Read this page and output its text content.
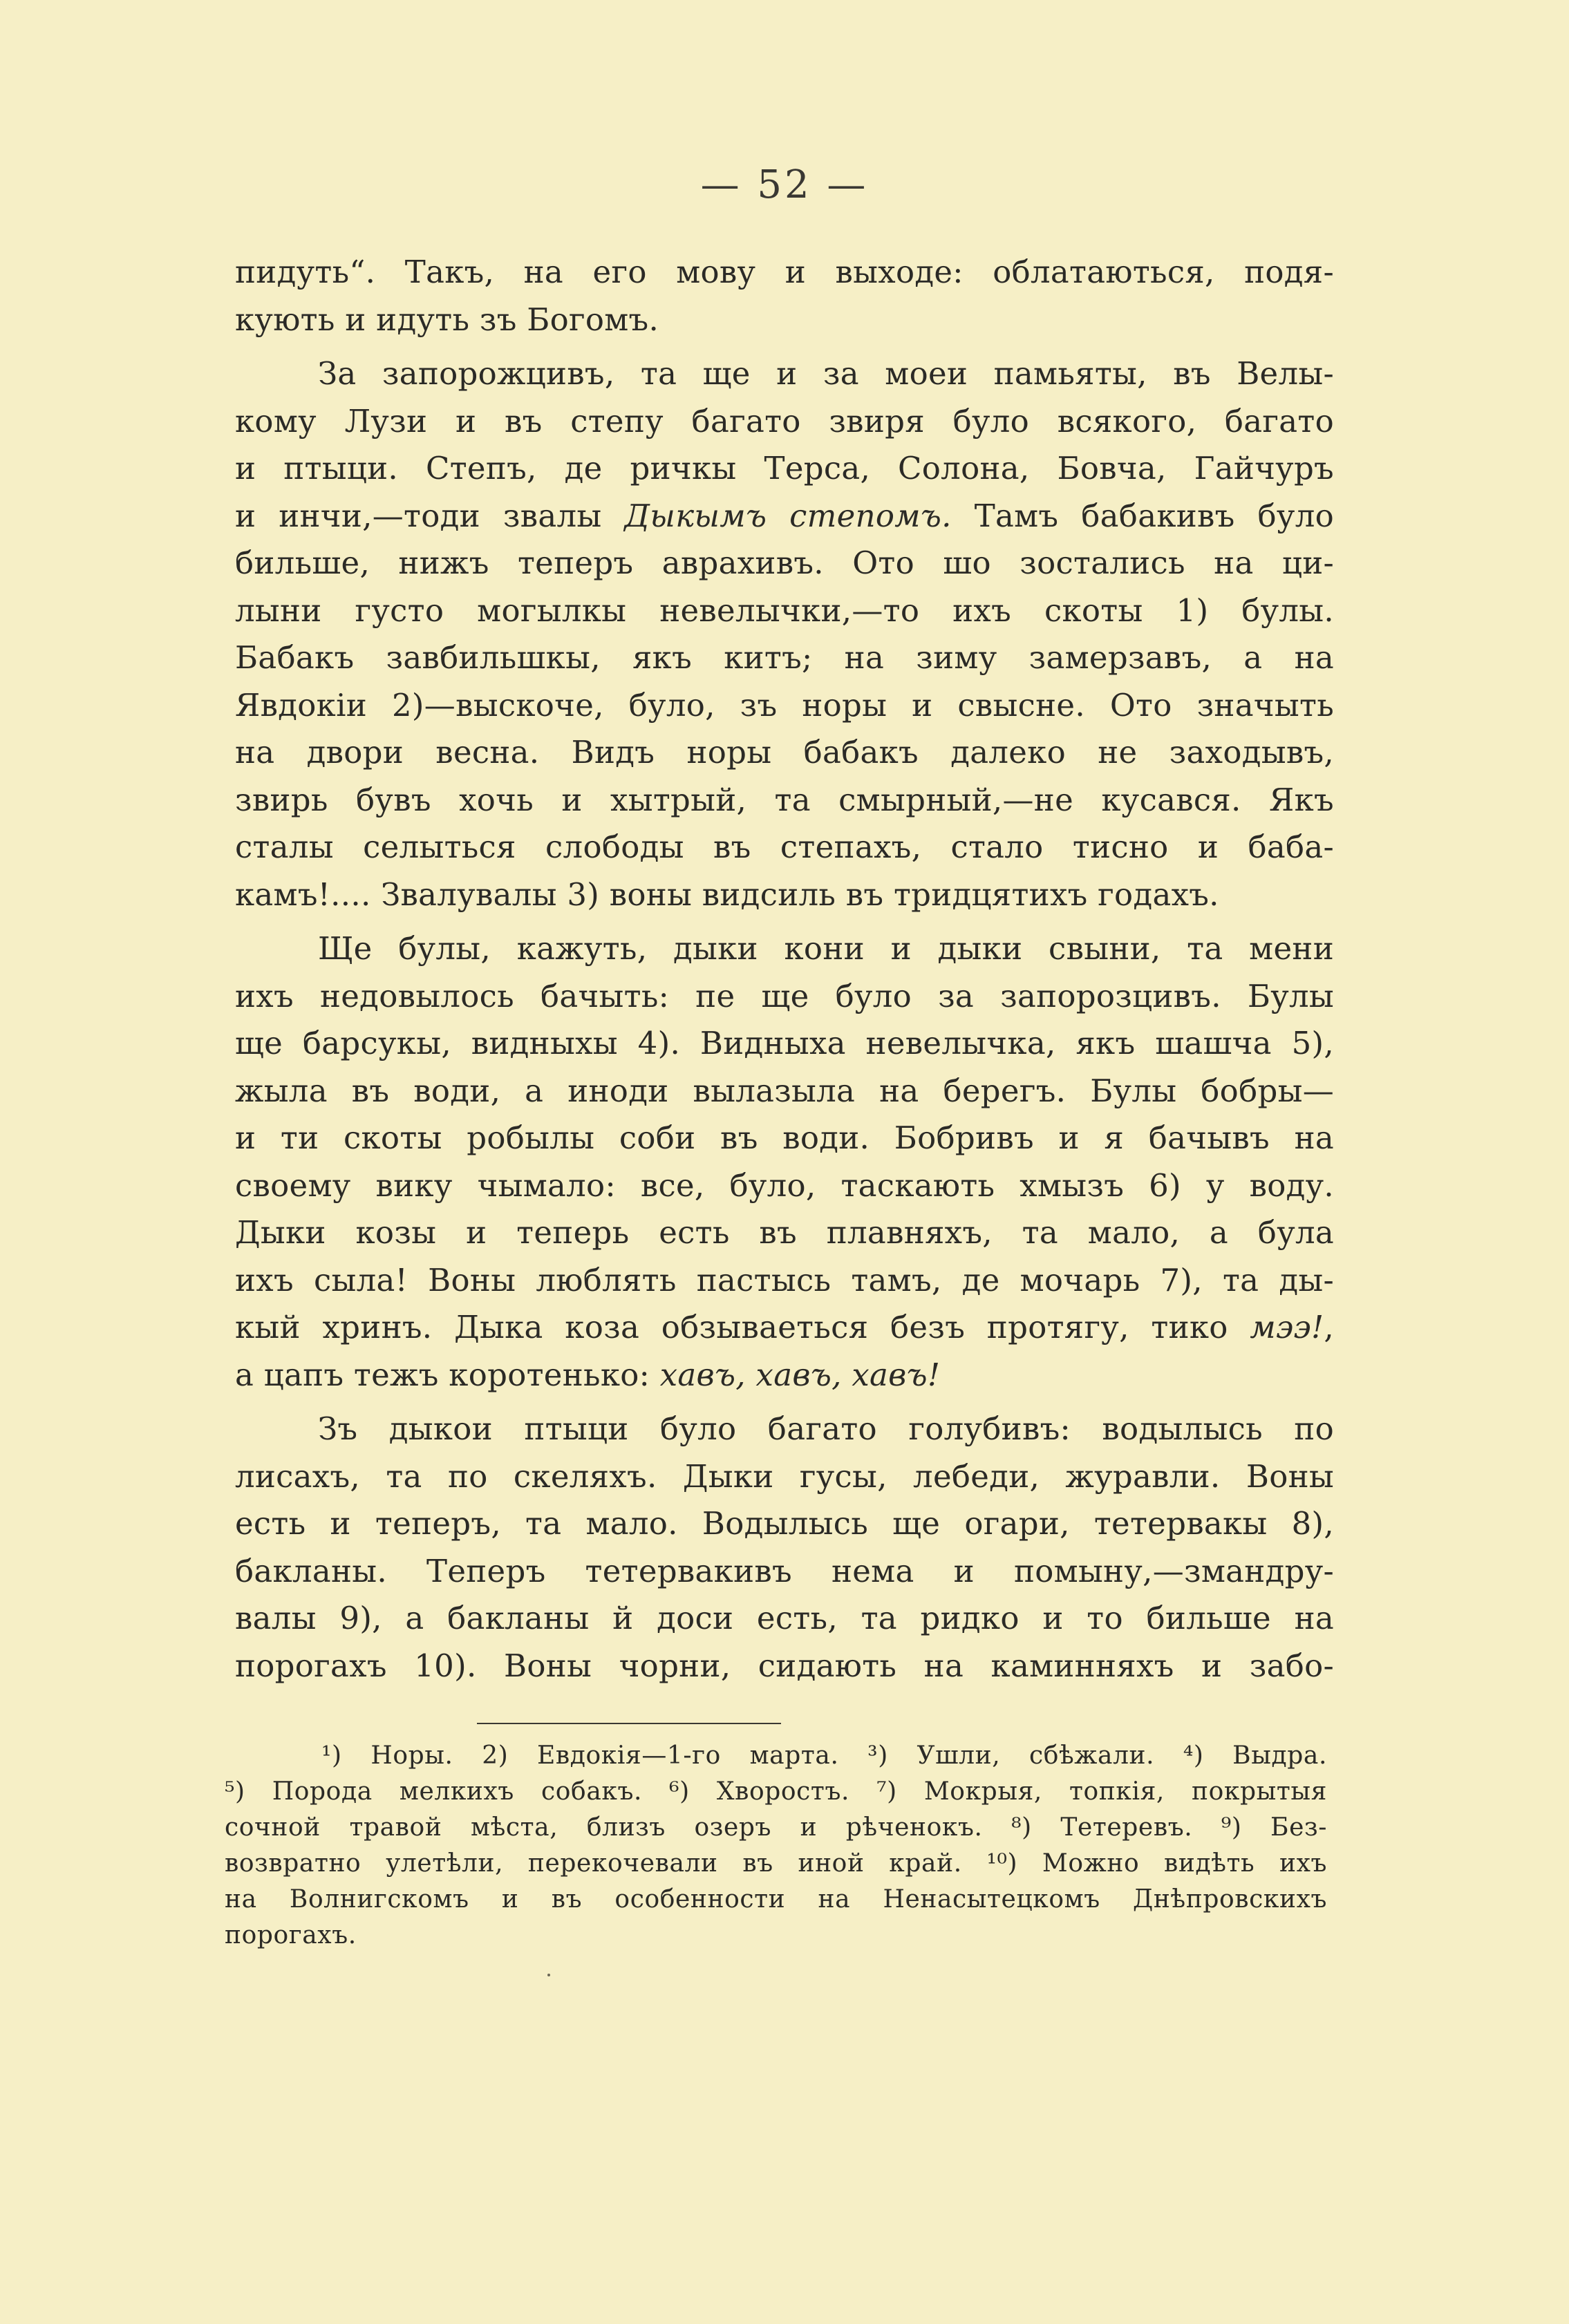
— 52 —
пидуть“. Такъ, на его мову и выходе: облатаються, подя-
кують и идуть зъ Богомъ.
За запорожцивъ, та ще и за моеи памьяты, въ Велы-
кому Лузи и въ степу багато звиря було всякого, багато
и птыци. Степъ, де ричкы Терса, Солона, Бовча, Гайчуръ
и инчи,—тоди звалы Дыкымъ степомъ. Тамъ бабакивъ було
бильше, нижъ теперъ аврахивъ. Ото шо зостались на ци-
лыни густо могылкы невелычки,—то ихъ скоты 1) булы.
Бабакъ завбильшкы, якъ китъ; на зиму замерзавъ, а на
Явдокіи 2)—выскоче, було, зъ норы и свысне. Ото значыть
на двори весна. Видъ норы бабакъ далеко не заходывъ,
звирь бувъ хочь и хытрый, та смырный,—не кусався. Якъ
сталы селыться слободы въ степахъ, стало тисно и баба-
камъ!.... Звалувалы 3) воны видсиль въ тридцятихъ годахъ.
Ще булы, кажуть, дыки кони и дыки свыни, та мени
ихъ недовылось бачыть: пе ще було за запорозцивъ. Булы
ще барсукы, видныхы 4). Видныха невелычка, якъ шашча 5),
жыла въ води, а иноди вылазыла на берегъ. Булы бобры—
и ти скоты робылы соби въ води. Бобривъ и я бачывъ на
своему вику чымало: все, було, таскають хмызъ 6) у воду.
Дыки козы и теперь есть въ плавняхъ, та мало, а була
ихъ сыла! Воны люблять пастысь тамъ, де мочарь 7), та ды-
кый хринъ. Дыка коза обзываеться безъ протягу, тико мээ!,
а цапъ тежъ коротенько: хавъ, хавъ, хавъ!
Зъ дыкои птыци було багато голубивъ: водылысь по
лисахъ, та по скеляхъ. Дыки гусы, лебеди, журавли. Воны
есть и теперъ, та мало. Водылысь ще огари, тетервакы 8),
бакланы. Теперъ тетервакивъ нема и помыну,—змандру-
валы 9), а бакланы й доси есть, та ридко и то бильше на
порогахъ 10). Воны чорни, сидають на каминняхъ и забо-
¹) Норы. 2) Евдокія—1-го марта. ³) Ушли, сбѣжали. ⁴) Выдра.
⁵) Порода мелкихъ собакъ. ⁶) Хворостъ. ⁷) Мокрыя, топкія, покрытыя
сочной травой мѣста, близъ озеръ и рѣченокъ. ⁸) Тетеревъ. ⁹) Без-
возвратно улетѣли, перекочевали въ иной край. ¹⁰) Можно видѣть ихъ
на Волнигскомъ и въ особенности на Ненасытецкомъ Днѣпровскихъ
порогахъ.
